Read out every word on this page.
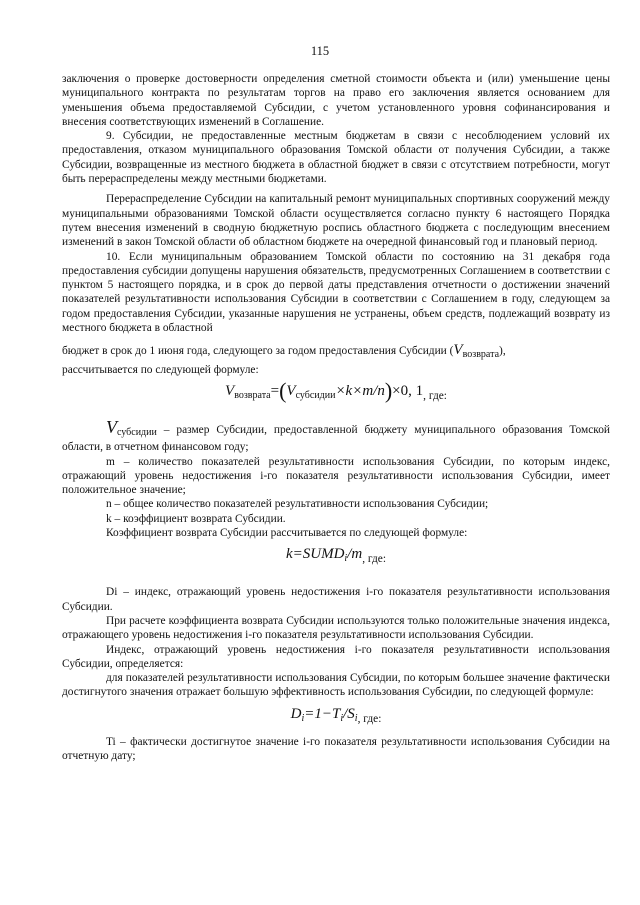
115

заключения о проверке достоверности определения сметной стоимости объекта и (или) уменьшение цены муниципального контракта по результатам торгов на право его заключения является основанием для уменьшения объема предоставляемой Субсидии, с учетом установленного уровня софинансирования и внесения соответствующих изменений в Соглашение.

9. Субсидии, не предоставленные местным бюджетам в связи с несоблюдением условий их предоставления, отказом муниципального образования Томской области от получения Субсидии, а также Субсидии, возвращенные из местного бюджета в областной бюджет в связи с отсутствием потребности, могут быть перераспределены между местными бюджетами.

Перераспределение Субсидии на капитальный ремонт муниципальных спортивных сооружений между муниципальными образованиями Томской области осуществляется согласно пункту 6 настоящего Порядка путем внесения изменений в сводную бюджетную роспись областного бюджета с последующим внесением изменений в закон Томской области об областном бюджете на очередной финансовый год и плановый период.

10. Если муниципальным образованием Томской области по состоянию на 31 декабря года предоставления субсидии допущены нарушения обязательств, предусмотренных Соглашением в соответствии с пунктом 5 настоящего порядка, и в срок до первой даты представления отчетности о достижении значений показателей результативности использования Субсидии в соответствии с Соглашением в году, следующем за годом предоставления Субсидии, указанные нарушения не устранены, объем средств, подлежащий возврату из местного бюджета в областной

бюджет в срок до 1 июня года, следующего за годом предоставления Субсидии $(V_{возврата})$,

рассчитывается по следующей формуле:

$V_{возврата}=(V_{субсидии}\times k\times m/n)\times 0$, $1_{, где:}$

$V_{субсидии}$ – размер Субсидии, предоставленной бюджету муниципального образования Томской области, в отчетном финансовом году;

m – количество показателей результативности использования Субсидии, по которым индекс, отражающий уровень недостижения i-го показателя результативности использования Субсидии, имеет положительное значение;

n – общее количество показателей результативности использования Субсидии;

k – коэффициент возврата Субсидии.

Коэффициент возврата Субсидии рассчитывается по следующей формуле:

$k=SUMD_i/m_{, где:}$

Di – индекс, отражающий уровень недостижения i-го показателя результативности использования Субсидии.

При расчете коэффициента возврата Субсидии используются только положительные значения индекса, отражающего уровень недостижения i-го показателя результативности использования Субсидии.

Индекс, отражающий уровень недостижения i-го показателя результативности использования Субсидии, определяется:

для показателей результативности использования Субсидии, по которым большее значение фактически достигнутого значения отражает большую эффективность использования Субсидии, по следующей формуле:

$D_i=1-T_i/S_{i, где:}$

Ti – фактически достигнутое значение i-го показателя результативности использования Субсидии на отчетную дату;
